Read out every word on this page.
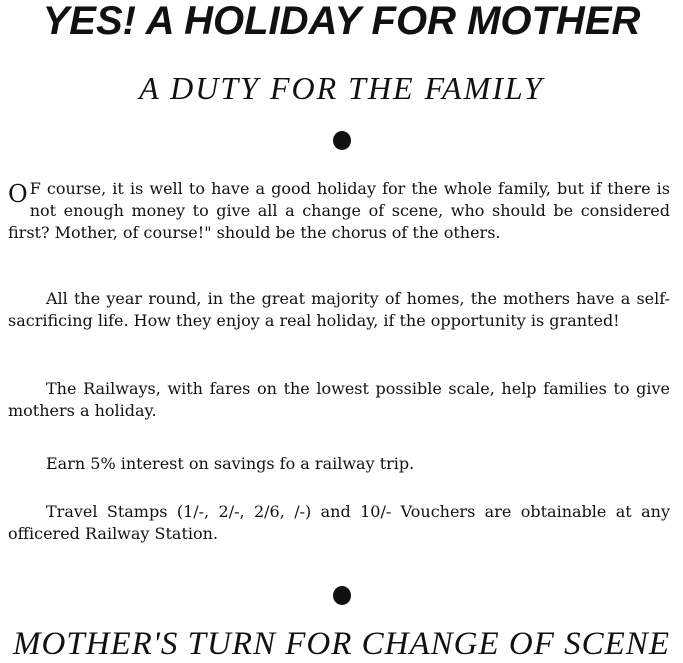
YES! A HOLIDAY FOR MOTHER
A DUTY FOR THE FAMILY

O F course, it is well to have a good holiday for the whole family, but if there is not enough money to give all a change of scene, who should be considered first? Mother, of course!" should be the chorus of the others.

All the year round, in the great majority of homes, the mothers have a self-sacrificing life. How they enjoy a real holiday, if the opportunity is granted!

The Railways, with fares on the lowest possible scale, help families to give mothers a holiday.

Earn 5% interest on savings fo a railway trip.

Travel Stamps (1/-, 2/-, 2/6, /-) and 10/- Vouchers are obtainable at any officered Railway Station.

MOTHER'S TURN FOR CHANGE OF SCENE
